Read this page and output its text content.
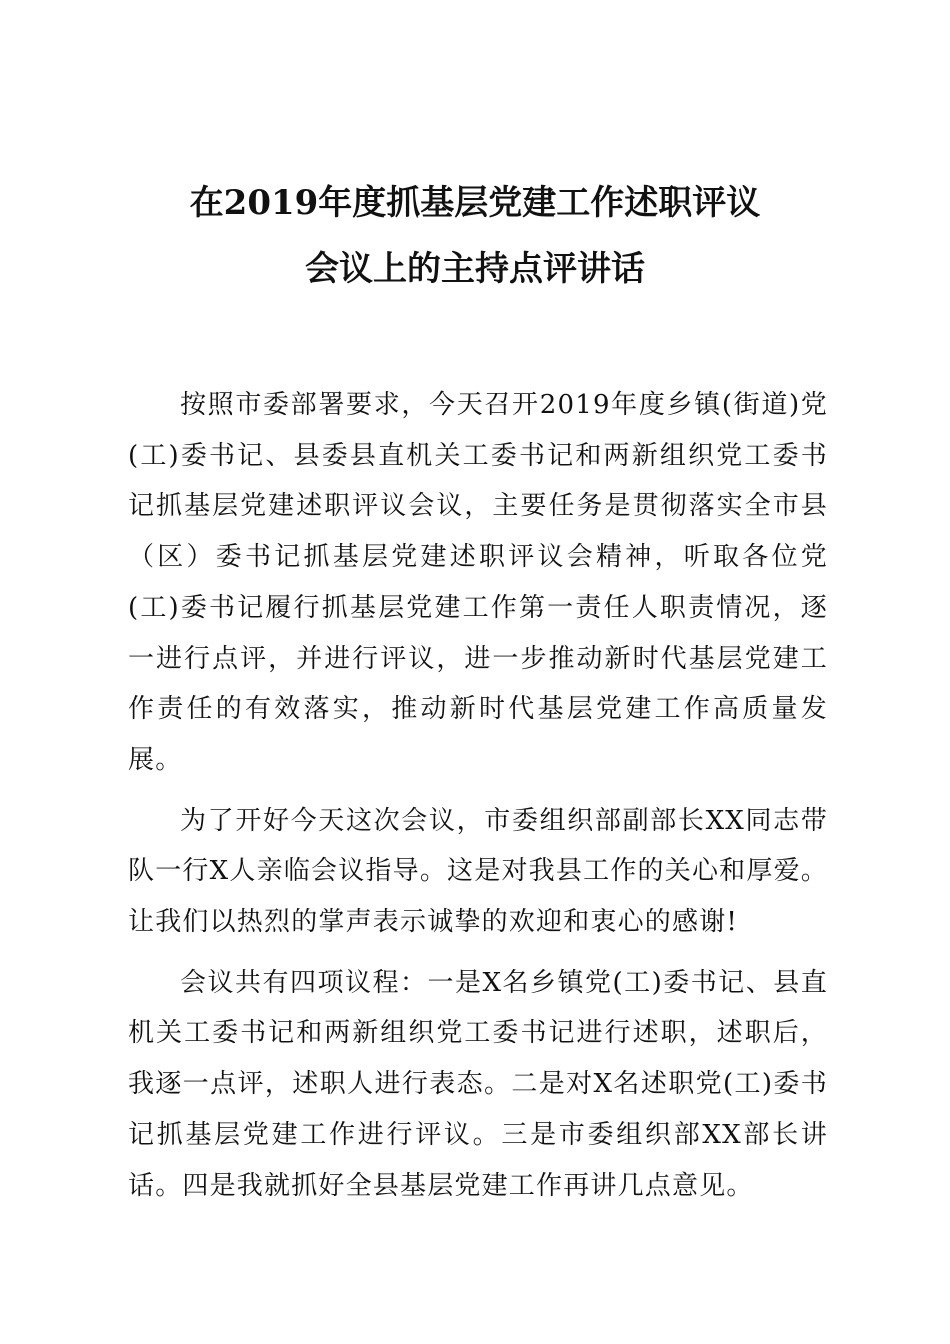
在2019年度抓基层党建工作述职评议
会议上的主持点评讲话

按照市委部署要求，今天召开2019年度乡镇(街道)党(工)委书记、县委县直机关工委书记和两新组织党工委书记抓基层党建述职评议会议，主要任务是贯彻落实全市县（区）委书记抓基层党建述职评议会精神，听取各位党(工)委书记履行抓基层党建工作第一责任人职责情况，逐一进行点评，并进行评议，进一步推动新时代基层党建工作责任的有效落实，推动新时代基层党建工作高质量发展。

为了开好今天这次会议，市委组织部副部长XX同志带队一行X人亲临会议指导。这是对我县工作的关心和厚爱。让我们以热烈的掌声表示诚挚的欢迎和衷心的感谢!

会议共有四项议程：一是X名乡镇党(工)委书记、县直机关工委书记和两新组织党工委书记进行述职，述职后，我逐一点评，述职人进行表态。二是对X名述职党(工)委书记抓基层党建工作进行评议。三是市委组织部XX部长讲话。四是我就抓好全县基层党建工作再讲几点意见。
